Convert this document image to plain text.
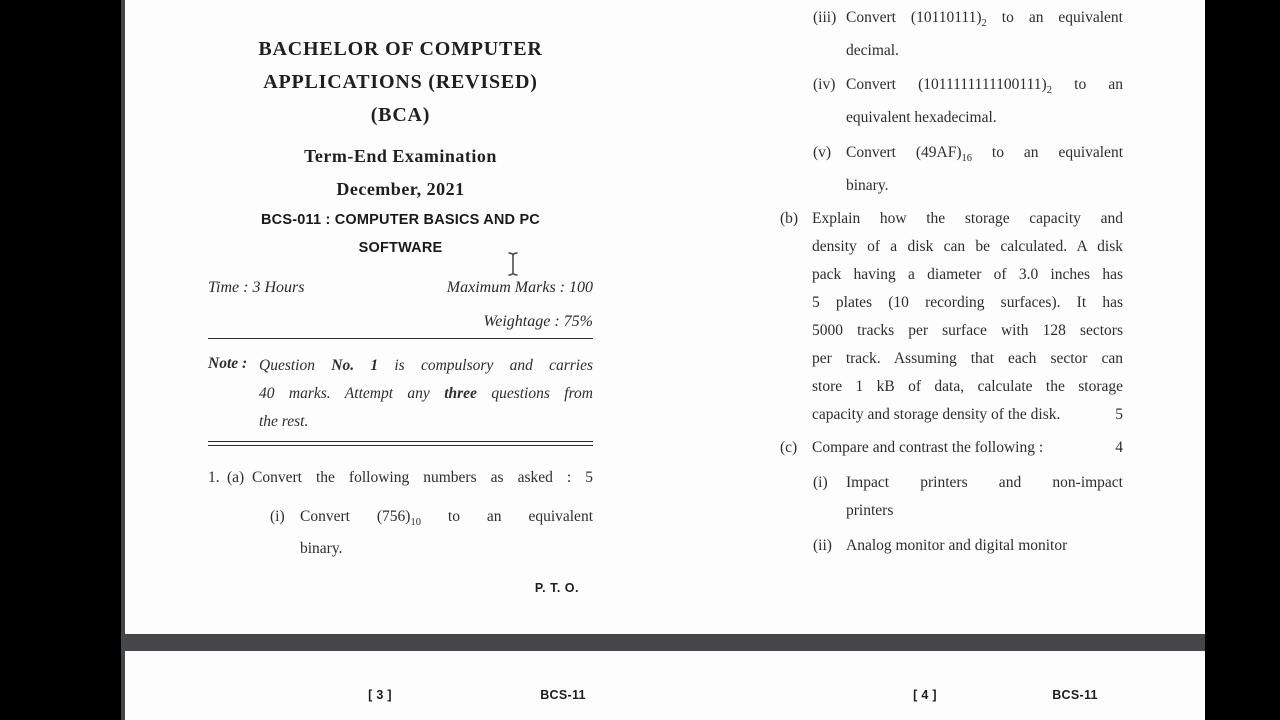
BACHELOR OF COMPUTER
APPLICATIONS (REVISED)
(BCA)
Term-End Examination
December, 2021
BCS-011 : COMPUTER BASICS AND PC
SOFTWARE
Time : 3 Hours	Maximum Marks : 100
Weightage : 75%
Note : Question No. 1 is compulsory and carries
40 marks. Attempt any three questions from
the rest.
1. (a) Convert the following numbers as asked : 5
(i) Convert $(756)_{10}$ to an equivalent
binary.
P. T. O.
(iii) Convert $(10110111)_2$ to an equivalent
decimal.
(iv) Convert $(1011111111100111)_2$ to an
equivalent hexadecimal.
(v) Convert $(49AF)_{16}$ to an equivalent
binary.
(b) Explain how the storage capacity and
density of a disk can be calculated. A disk
pack having a diameter of 3.0 inches has
5 plates (10 recording surfaces). It has
5000 tracks per surface with 128 sectors
per track. Assuming that each sector can
store 1 kB of data, calculate the storage
capacity and storage density of the disk.	5
(c) Compare and contrast the following :	4
(i) Impact printers and non-impact
printers
(ii) Analog monitor and digital monitor
[ 3 ]	BCS-11	[ 4 ]	BCS-11
